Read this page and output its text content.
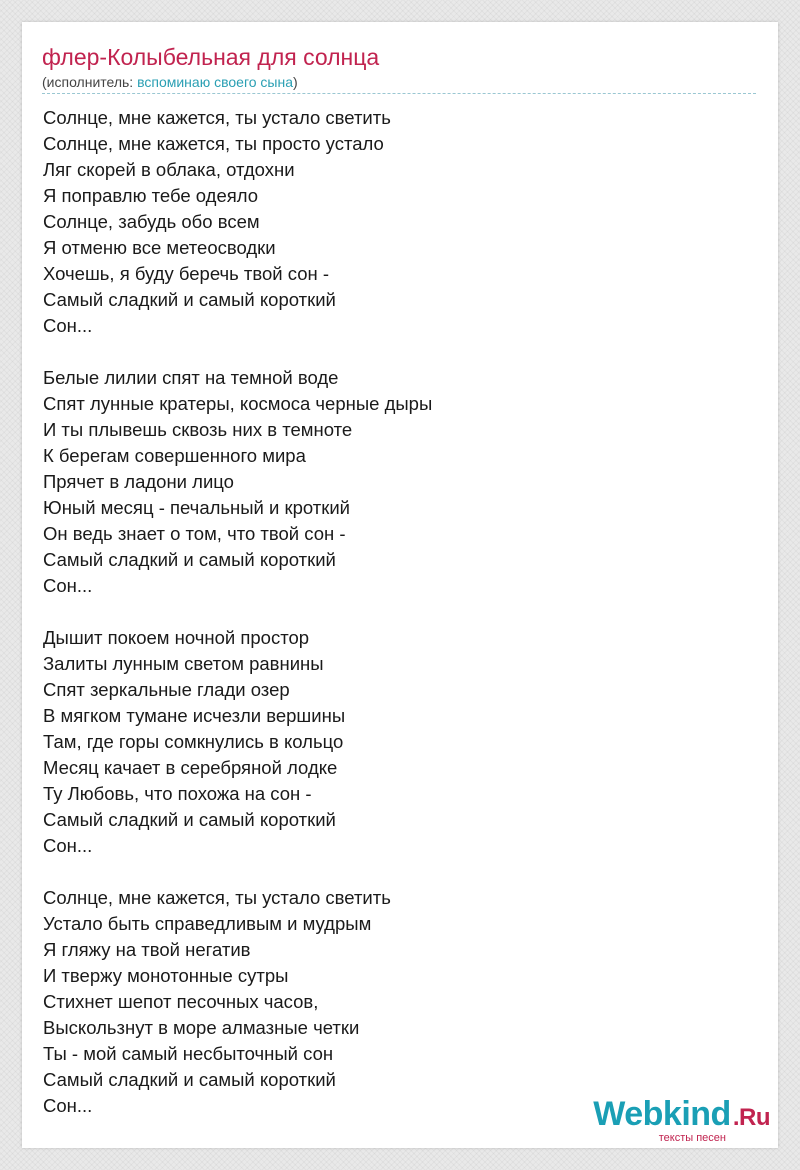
флер-Колыбельная для солнца
(исполнитель: вспоминаю своего сына)
Солнце, мне кажется, ты устало светить
Солнце, мне кажется, ты просто устало
Ляг скорей в облака, отдохни
Я поправлю тебе одеяло
Солнце, забудь обо всем
Я отменю все метеосводки
Хочешь, я буду беречь твой сон -
Самый сладкий и самый короткий
Сон...
Белые лилии спят на темной воде
Спят лунные кратеры, космоса черные дыры
И ты плывешь сквозь них в темноте
К берегам совершенного мира
Прячет в ладони лицо
Юный месяц - печальный и кроткий
Он ведь знает о том, что твой сон -
Самый сладкий и самый короткий
Сон...
Дышит покоем ночной простор
Залиты лунным светом равнины
Спят зеркальные глади озер
В мягком тумане исчезли вершины
Там, где горы сомкнулись в кольцо
Месяц качает в серебряной лодке
Ту Любовь, что похожа на сон -
Самый сладкий и самый короткий
Сон...
Солнце, мне кажется, ты устало светить
Устало быть справедливым и мудрым
Я гляжу на твой негатив
И твержу монотонные сутры
Стихнет шепот песочных часов,
Выскользнут в море алмазные четки
Ты - мой самый несбыточный сон
Самый сладкий и самый короткий
Сон...	Webkind.Ru
тексты песен
